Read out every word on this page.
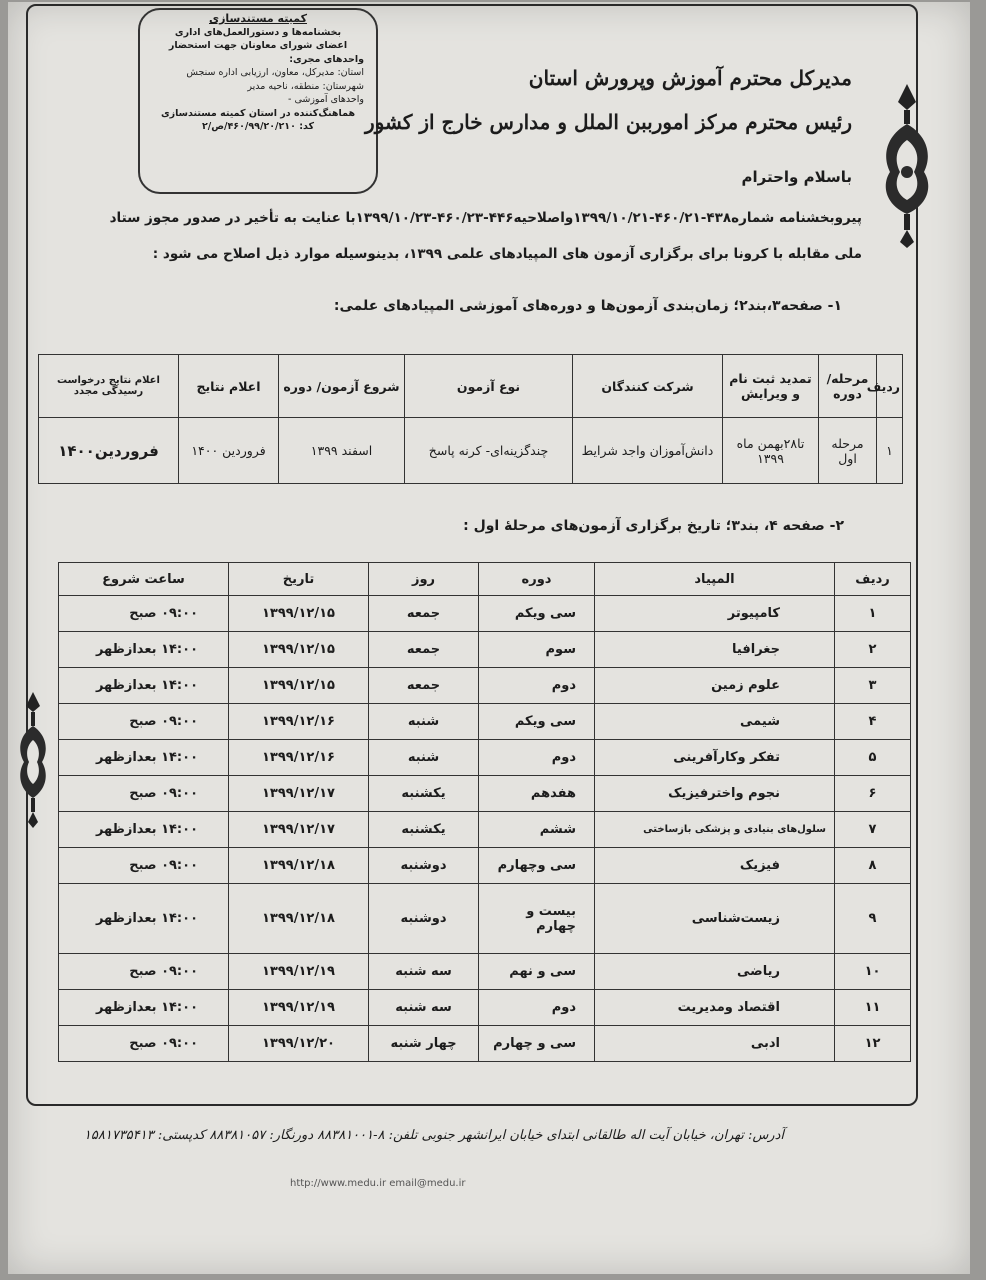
کمیته مستندسازی
بخشنامه‌ها و دستورالعمل‌های اداری
اعضای شورای معاونان جهت استحضار
واحدهای مجری:
استان: مدیرکل، معاون، ارزیابی اداره سنجش
شهرستان: منطقه، ناحیه مدیر
واحدهای آموزشی -
هماهنگ‌کننده در استان کمیته مستندسازی
کد: ۴۶۰/۹۹/۲۰/۲۱۰/ص/۲
مدیرکل محترم آموزش وپرورش استان
رئیس محترم مرکز امورببن الملل و مدارس خارج از کشور
باسلام واحترام
پیروبخشنامه شماره۴۳۸-۴۶۰/۲۱-۱۳۹۹/۱۰/۲۱واصلاحیه۴۴۶-۴۶۰/۲۳-۱۳۹۹/۱۰/۲۳با عنایت به تأخیر در صدور مجوز ستاد
ملی مقابله با کرونا برای برگزاری آزمون های المپیادهای علمی ۱۳۹۹، بدینوسیله موارد ذیل اصلاح می شود :
۱- صفحه۳،بند۲؛ زمان‌بندی آزمون‌ها و دوره‌های آموزشی المپیادهای علمی:
ردیف	مرحله/دوره	تمدید ثبت نام و ویرایش	شرکت کنندگان	نوع آزمون	شروع آزمون/ دوره	اعلام نتایج	اعلام نتایج درخواست رسیدگی مجدد
۱	مرحله اول	تا۲۸بهمن ماه ۱۳۹۹	دانش‌آموزان واجد شرایط	چندگزینه‌ای- کرنه پاسخ	اسفند ۱۳۹۹	فروردین ۱۴۰۰	فروردین۱۴۰۰
۲- صفحه ۴، بند۳؛ تاریخ برگزاری آزمون‌های مرحلهٔ اول :
ردیف	المپیاد	دوره	روز	تاریخ	ساعت شروع
۱	کامپیوتر	سی ویکم	جمعه	۱۳۹۹/۱۲/۱۵	۰۹:۰۰ صبح
۲	جغرافیا	سوم	جمعه	۱۳۹۹/۱۲/۱۵	۱۴:۰۰ بعدازظهر
۳	علوم زمین	دوم	جمعه	۱۳۹۹/۱۲/۱۵	۱۴:۰۰ بعدازظهر
۴	شیمی	سی ویکم	شنبه	۱۳۹۹/۱۲/۱۶	۰۹:۰۰ صبح
۵	تفکر وکارآفرینی	دوم	شنبه	۱۳۹۹/۱۲/۱۶	۱۴:۰۰ بعدازظهر
۶	نجوم واخترفیزیک	هفدهم	یکشنبه	۱۳۹۹/۱۲/۱۷	۰۹:۰۰ صبح
۷	سلول‌های بنیادی و پزشکی بازساختی	ششم	یکشنبه	۱۳۹۹/۱۲/۱۷	۱۴:۰۰ بعدازظهر
۸	فیزیک	سی وچهارم	دوشنبه	۱۳۹۹/۱۲/۱۸	۰۹:۰۰ صبح
۹	زیست‌شناسی	بیست و چهارم	دوشنبه	۱۳۹۹/۱۲/۱۸	۱۴:۰۰ بعدازظهر
۱۰	ریاضی	سی و نهم	سه شنبه	۱۳۹۹/۱۲/۱۹	۰۹:۰۰ صبح
۱۱	اقتصاد ومدیریت	دوم	سه شنبه	۱۳۹۹/۱۲/۱۹	۱۴:۰۰ بعدازظهر
۱۲	ادبی	سی و چهارم	چهار شنبه	۱۳۹۹/۱۲/۲۰	۰۹:۰۰ صبح
آدرس: تهران، خیابان آیت اله طالقانی ابتدای خیابان ایرانشهر جنوبی تلفن: ۸-۸۸۳۸۱۰۰۱ دورنگار: ۸۸۳۸۱۰۵۷ کدپستی: ۱۵۸۱۷۳۵۴۱۳
http://www.medu.ir email@medu.ir
